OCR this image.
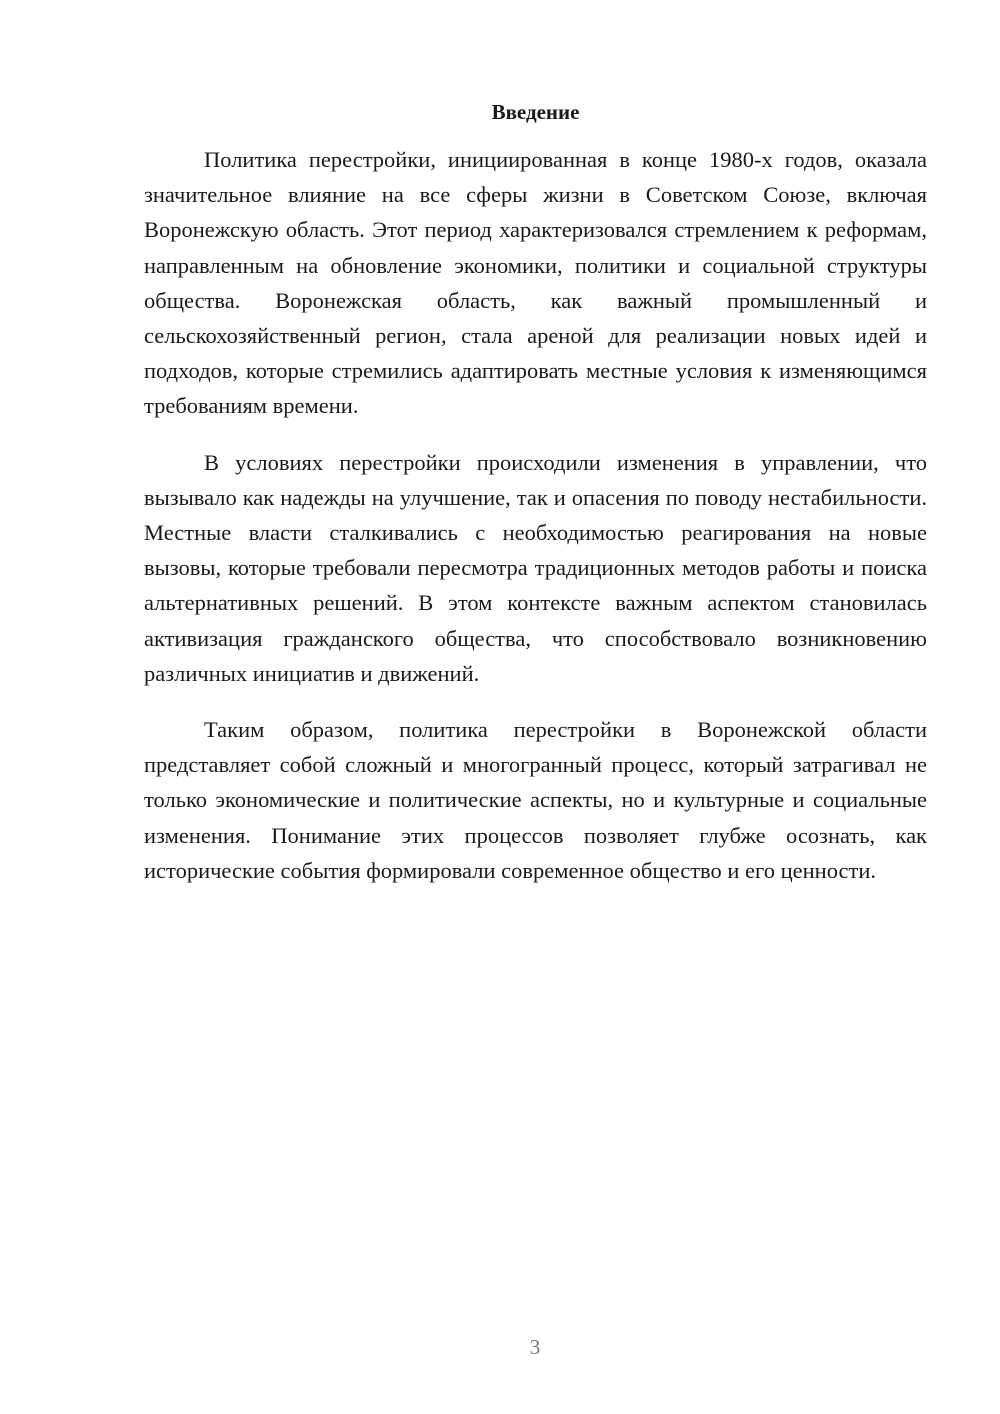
Введение

Политика перестройки, инициированная в конце 1980-х годов, оказала значительное влияние на все сферы жизни в Советском Союзе, включая Воронежскую область. Этот период характеризовался стремлением к реформам, направленным на обновление экономики, политики и социальной структуры общества. Воронежская область, как важный промышленный и сельскохозяйственный регион, стала ареной для реализации новых идей и подходов, которые стремились адаптировать местные условия к изменяющимся требованиям времени.

В условиях перестройки происходили изменения в управлении, что вызывало как надежды на улучшение, так и опасения по поводу нестабильности. Местные власти сталкивались с необходимостью реагирования на новые вызовы, которые требовали пересмотра традиционных методов работы и поиска альтернативных решений. В этом контексте важным аспектом становилась активизация гражданского общества, что способствовало возникновению различных инициатив и движений.

Таким образом, политика перестройки в Воронежской области представляет собой сложный и многогранный процесс, который затрагивал не только экономические и политические аспекты, но и культурные и социальные изменения. Понимание этих процессов позволяет глубже осознать, как исторические события формировали современное общество и его ценности.

3
